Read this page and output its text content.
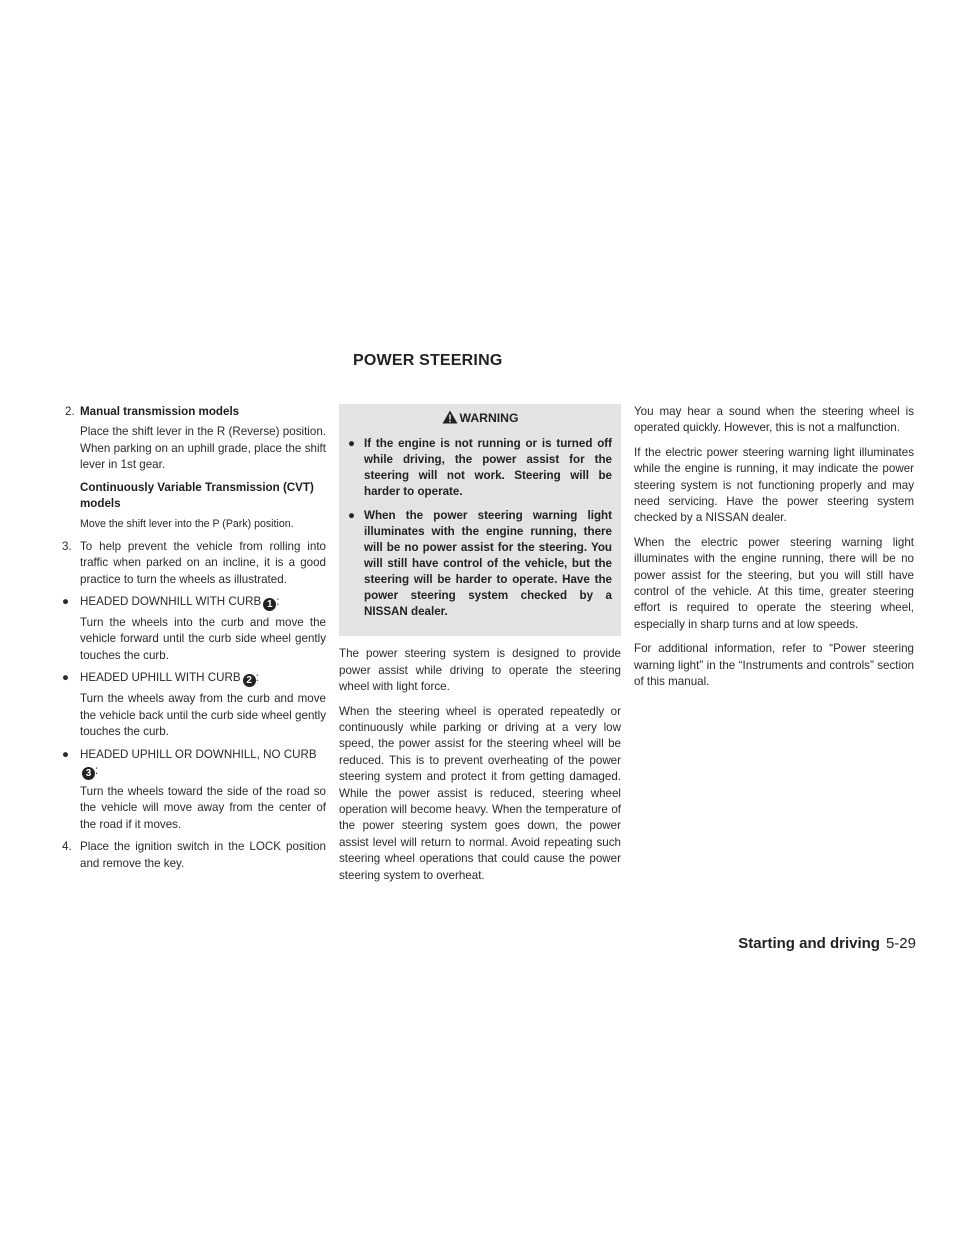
POWER STEERING
2. Manual transmission models

Place the shift lever in the R (Reverse) position. When parking on an uphill grade, place the shift lever in 1st gear.

Continuously Variable Transmission (CVT) models

Move the shift lever into the P (Park) position.

3. To help prevent the vehicle from rolling into traffic when parked on an incline, it is a good practice to turn the wheels as illustrated.

● HEADED DOWNHILL WITH CURB 1 :

Turn the wheels into the curb and move the vehicle forward until the curb side wheel gently touches the curb.

● HEADED UPHILL WITH CURB 2 :

Turn the wheels away from the curb and move the vehicle back until the curb side wheel gently touches the curb.

● HEADED UPHILL OR DOWNHILL, NO CURB3 :

Turn the wheels toward the side of the road so the vehicle will move away from the center of the road if it moves.

4. Place the ignition switch in the LOCK position and remove the key.

WARNING
● If the engine is not running or is turned off while driving, the power assist for the steering will not work. Steering will be harder to operate.
● When the power steering warning light illuminates with the engine running, there will be no power assist for the steering. You will still have control of the vehicle, but the steering will be harder to operate. Have the power steering system checked by a NISSAN dealer.

The power steering system is designed to provide power assist while driving to operate the steering wheel with light force.

When the steering wheel is operated repeatedly or continuously while parking or driving at a very low speed, the power assist for the steering wheel will be reduced. This is to prevent overheating of the power steering system and protect it from getting damaged. While the power assist is reduced, steering wheel operation will become heavy. When the temperature of the power steering system goes down, the power assist level will return to normal. Avoid repeating such steering wheel operations that could cause the power steering system to overheat.

You may hear a sound when the steering wheel is operated quickly. However, this is not a malfunction.

If the electric power steering warning light illuminates while the engine is running, it may indicate the power steering system is not functioning properly and may need servicing. Have the power steering system checked by a NISSAN dealer.

When the electric power steering warning light illuminates with the engine running, there will be no power assist for the steering, but you will still have control of the vehicle. At this time, greater steering effort is required to operate the steering wheel, especially in sharp turns and at low speeds.

For additional information, refer to “Power steering warning light” in the “Instruments and controls” section of this manual.

Starting and driving 5-29
